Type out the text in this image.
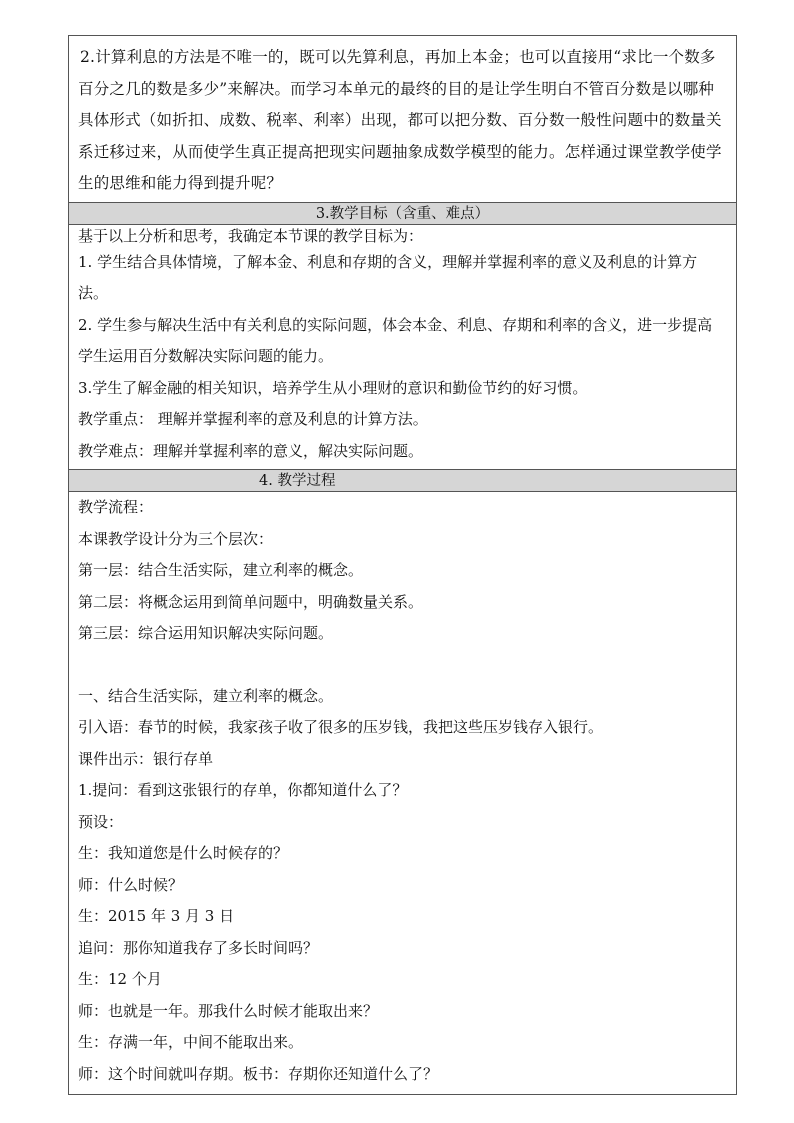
2.计算利息的方法是不唯一的，既可以先算利息，再加上本金；也可以直接用“求比一个数多百分之几的数是多少”来解决。而学习本单元的最终的目的是让学生明白不管百分数是以哪种具体形式（如折扣、成数、税率、利率）出现，都可以把分数、百分数一般性问题中的数量关系迁移过来，从而使学生真正提高把现实问题抽象成数学模型的能力。怎样通过课堂教学使学生的思维和能力得到提升呢？

3.教学目标（含重、难点）

基于以上分析和思考，我确定本节课的教学目标为：

1. 学生结合具体情境，了解本金、利息和存期的含义，理解并掌握利率的意义及利息的计算方法。

2. 学生参与解决生活中有关利息的实际问题，体会本金、利息、存期和利率的含义，进一步提高学生运用百分数解决实际问题的能力。

3.学生了解金融的相关知识，培养学生从小理财的意识和勤俭节约的好习惯。

教学重点： 理解并掌握利率的意及利息的计算方法。

教学难点：理解并掌握利率的意义，解决实际问题。

4. 教学过程

教学流程：

本课教学设计分为三个层次：

第一层：结合生活实际，建立利率的概念。

第二层：将概念运用到简单问题中，明确数量关系。

第三层：综合运用知识解决实际问题。

一、结合生活实际，建立利率的概念。

引入语：春节的时候，我家孩子收了很多的压岁钱，我把这些压岁钱存入银行。

课件出示：银行存单

1.提问：看到这张银行的存单，你都知道什么了？

预设：

生：我知道您是什么时候存的？

师：什么时候？

生：2015 年 3 月 3 日

追问：那你知道我存了多长时间吗？

生：12 个月

师：也就是一年。那我什么时候才能取出来？

生：存满一年，中间不能取出来。

师：这个时间就叫存期。板书：存期你还知道什么了？
